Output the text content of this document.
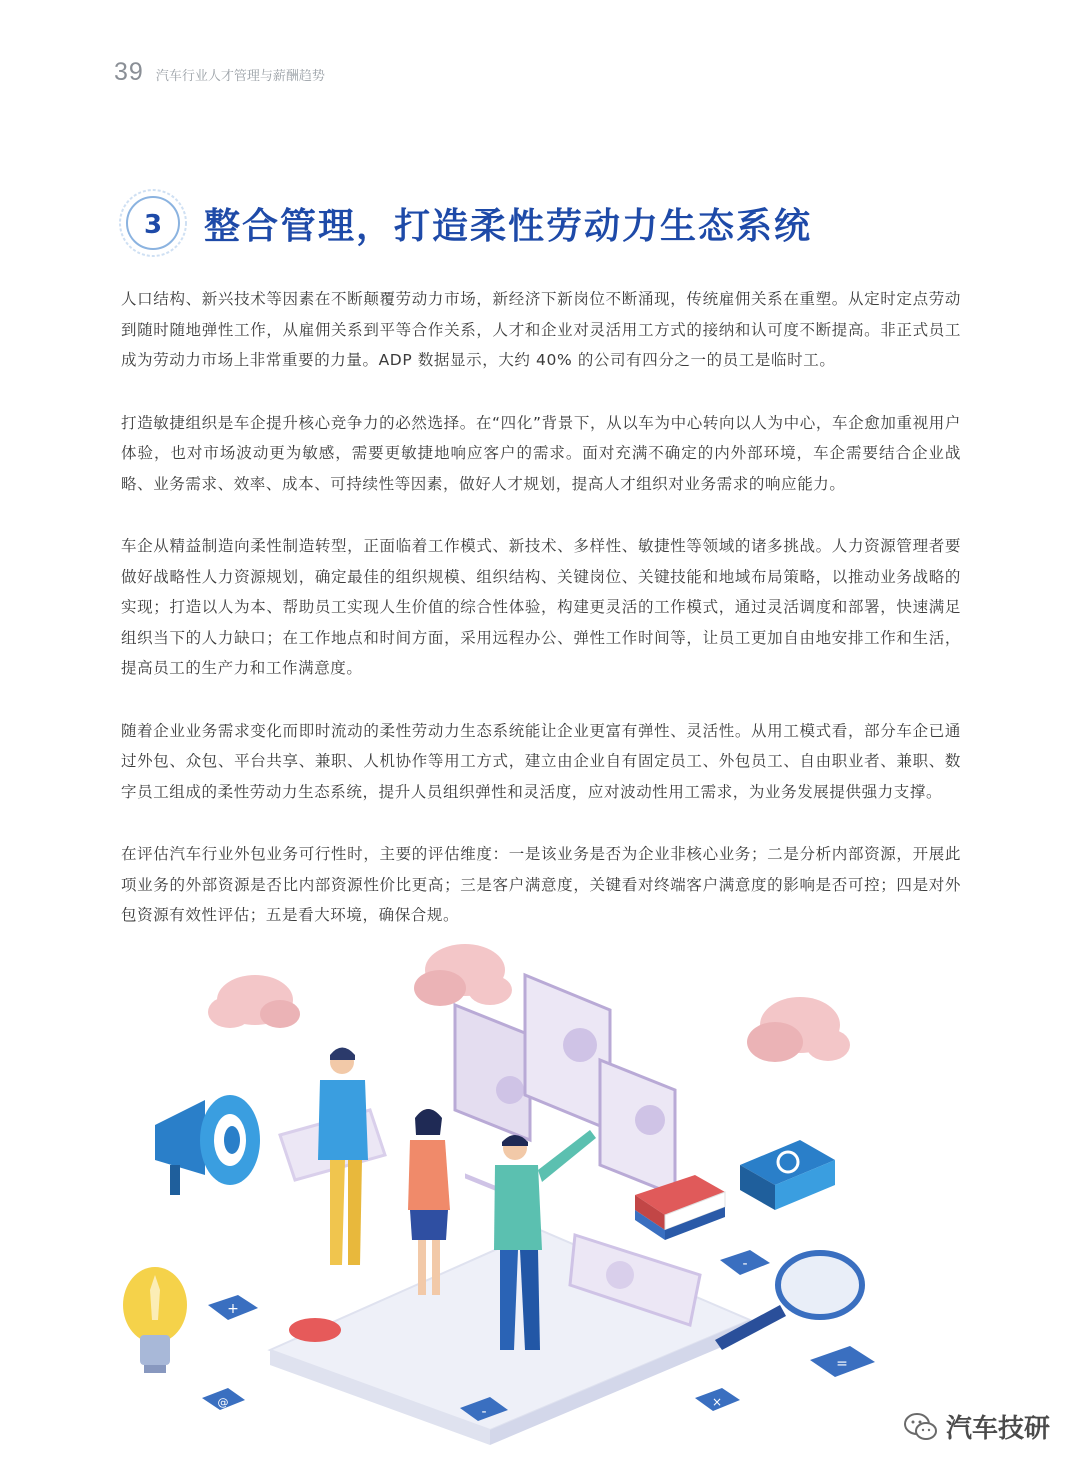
39 汽车行业人才管理与薪酬趋势
3 整合管理，打造柔性劳动力生态系统

人口结构、新兴技术等因素在不断颠覆劳动力市场，新经济下新岗位不断涌现，传统雇佣关系在重塑。从定时定点劳动到随时随地弹性工作，从雇佣关系到平等合作关系，人才和企业对灵活用工方式的接纳和认可度不断提高。非正式员工成为劳动力市场上非常重要的力量。ADP 数据显示，大约 40% 的公司有四分之一的员工是临时工。

打造敏捷组织是车企提升核心竞争力的必然选择。在“四化”背景下，从以车为中心转向以人为中心，车企愈加重视用户体验，也对市场波动更为敏感，需要更敏捷地响应客户的需求。面对充满不确定的内外部环境，车企需要结合企业战略、业务需求、效率、成本、可持续性等因素，做好人才规划，提高人才组织对业务需求的响应能力。

车企从精益制造向柔性制造转型，正面临着工作模式、新技术、多样性、敏捷性等领域的诸多挑战。人力资源管理者要做好战略性人力资源规划，确定最佳的组织规模、组织结构、关键岗位、关键技能和地域布局策略，以推动业务战略的实现；打造以人为本、帮助员工实现人生价值的综合性体验，构建更灵活的工作模式，通过灵活调度和部署，快速满足组织当下的人力缺口；在工作地点和时间方面，采用远程办公、弹性工作时间等，让员工更加自由地安排工作和生活，提高员工的生产力和工作满意度。

随着企业业务需求变化而即时流动的柔性劳动力生态系统能让企业更富有弹性、灵活性。从用工模式看，部分车企已通过外包、众包、平台共享、兼职、人机协作等用工方式，建立由企业自有固定员工、外包员工、自由职业者、兼职、数字员工组成的柔性劳动力生态系统，提升人员组织弹性和灵活度，应对波动性用工需求，为业务发展提供强力支撑。

在评估汽车行业外包业务可行性时，主要的评估维度：一是该业务是否为企业非核心业务；二是分析内部资源，开展此项业务的外部资源是否比内部资源性价比更高；三是客户满意度，关键看对终端客户满意度的影响是否可控；四是对外包资源有效性评估；五是看大环境，确保合规。

+
-
=
@
-
×
汽车技研
